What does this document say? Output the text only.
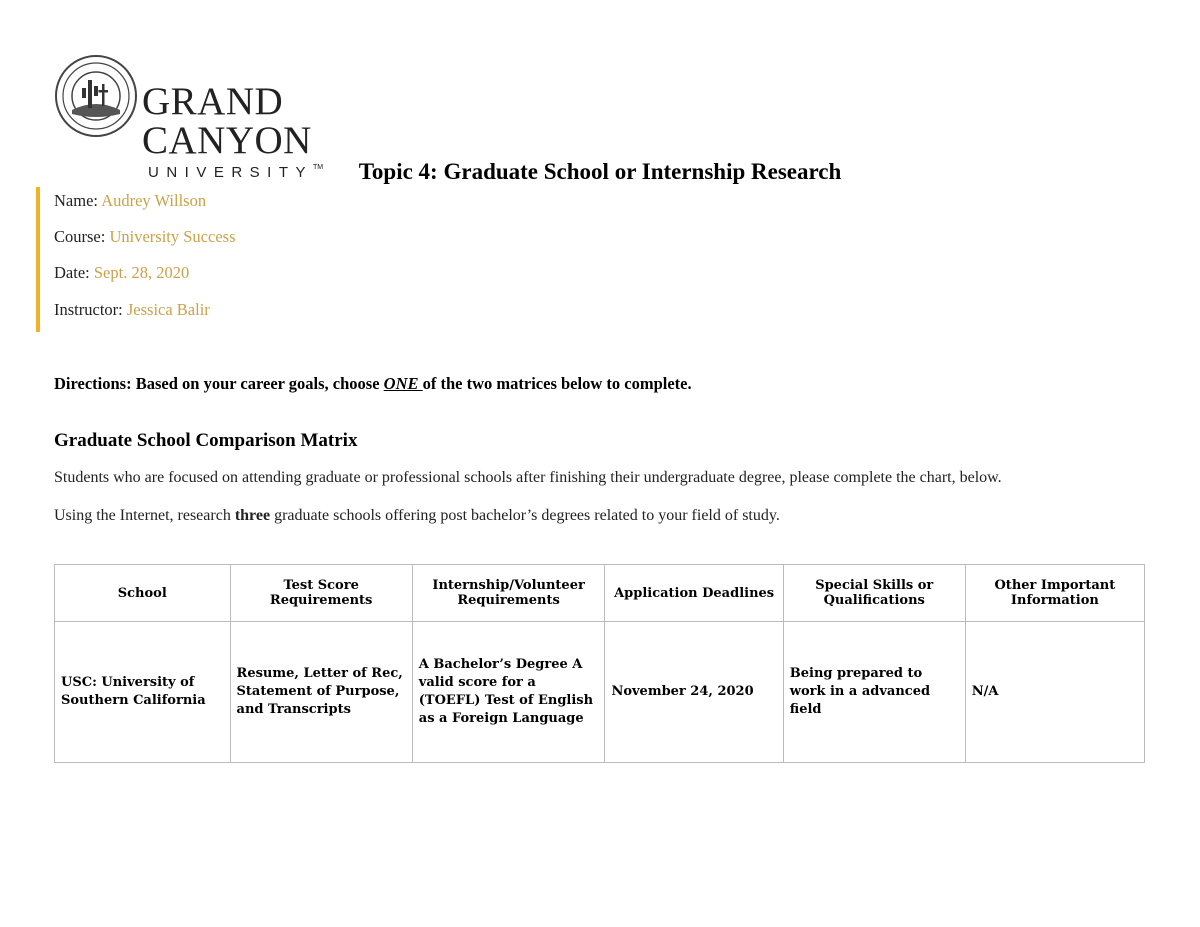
GRAND CANYON
UNIVERSITY™	Topic 4: Graduate School or Internship Research
Name: Audrey Willson
Course: University Success
Date: Sept. 28, 2020
Instructor: Jessica Balir
Directions: Based on your career goals, choose ONE of the two matrices below to complete.
Graduate School Comparison Matrix
Students who are focused on attending graduate or professional schools after finishing their undergraduate degree, please complete the chart, below.
Using the Internet, research three graduate schools offering post bachelor’s degrees related to your field of study.
School	Test Score Requirements	Internship/Volunteer Requirements	Application Deadlines	Special Skills or Qualifications	Other Important Information
USC: University of Southern California	Resume, Letter of Rec, Statement of Purpose, and Transcripts	A Bachelor’s Degree A valid score for a (TOEFL) Test of English as a Foreign Language	November 24, 2020	Being prepared to work in a advanced field	N/A
